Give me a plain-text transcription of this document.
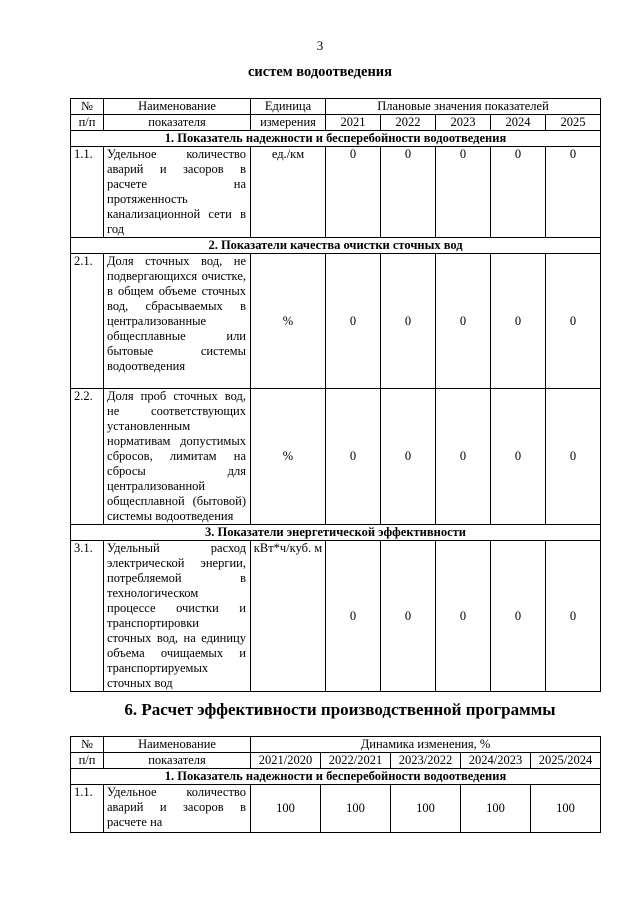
3
систем водоотведения
№	Наименование	Единица	Плановые значения показателей				
п/п	показателя	измерения	2021	2022	2023	2024	2025
1. Показатель надежности и бесперебойности водоотведения							
1.1.	Удельное количество аварий и засоров в расчете на протяженность канализационной сети в год	ед./км	0	0	0	0	0
2. Показатели качества очистки сточных вод							
2.1.	Доля сточных вод, не подвергающихся очистке, в общем объеме сточных вод, сбрасываемых в централизованные общесплавные или бытовые системы водоотведения	%	0	0	0	0	0
2.2.	Доля проб сточных вод, не соответствующих установленным нормативам допустимых сбросов, лимитам на сбросы для централизованной общесплавной (бытовой) системы водоотведения	%	0	0	0	0	0
3. Показатели энергетической эффективности							
3.1.	Удельный расход электрической энергии, потребляемой в технологическом процессе очистки и транспортировки сточных вод, на единицу объема очищаемых и транспортируемых сточных вод	кВт*ч/куб. м	0	0	0	0	0
6. Расчет эффективности производственной программы
№	Наименование	Динамика изменения, %				
п/п	показателя	2021/2020	2022/2021	2023/2022	2024/2023	2025/2024
1. Показатель надежности и бесперебойности водоотведения						
1.1.	Удельное количество аварий и засоров в расчете на	100	100	100	100	100
